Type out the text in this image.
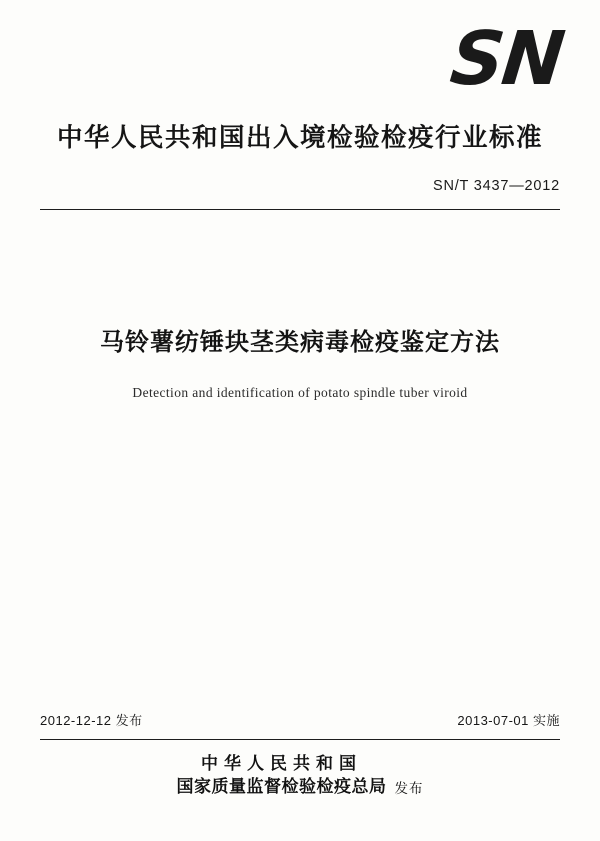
SN
中华人民共和国出入境检验检疫行业标准
SN/T 3437—2012
马铃薯纺锤块茎类病毒检疫鉴定方法
Detection and identification of potato spindle tuber viroid
2012-12-12 发布	2013-07-01 实施
中华人民共和国
国家质量监督检验检疫总局 发布
